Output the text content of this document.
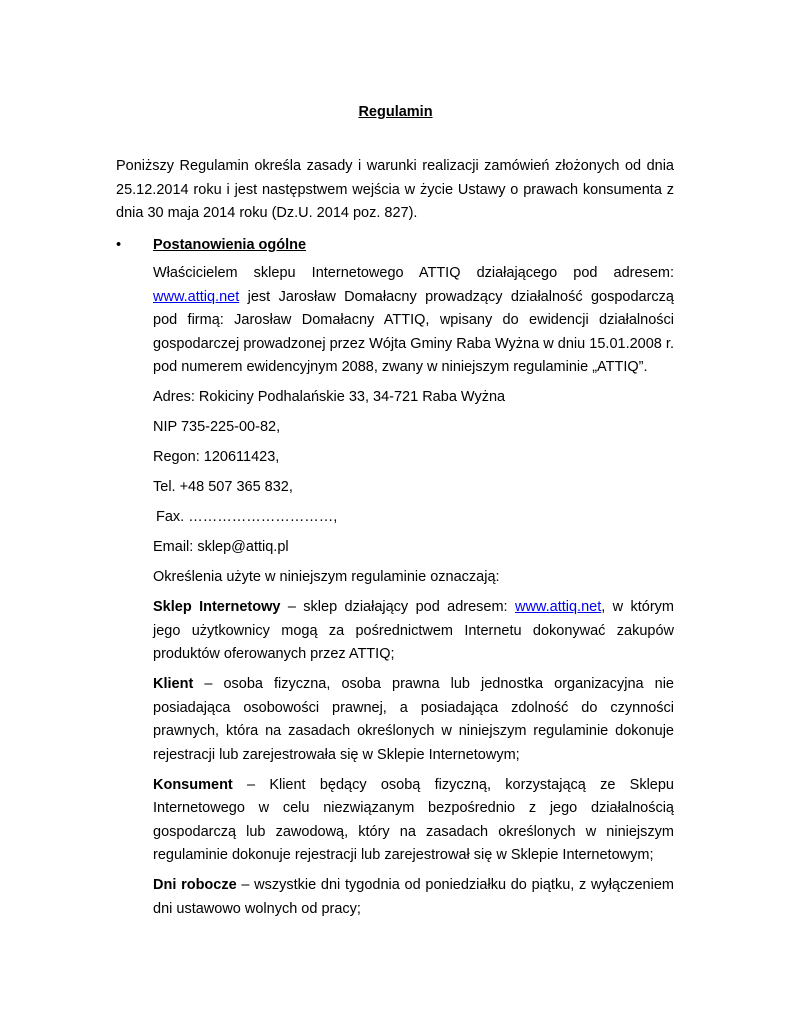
Regulamin
Poniższy Regulamin określa zasady i warunki realizacji zamówień złożonych od dnia 25.12.2014 roku i jest następstwem wejścia w życie Ustawy o prawach konsumenta z dnia 30 maja 2014 roku (Dz.U. 2014 poz. 827).
• Postanowienia ogólne
Właścicielem sklepu Internetowego ATTIQ działającego pod adresem: www.attiq.net jest Jarosław Domałacny prowadzący działalność gospodarczą pod firmą: Jarosław Domałacny ATTIQ, wpisany do ewidencji działalności gospodarczej prowadzonej przez Wójta Gminy Raba Wyżna w dniu 15.01.2008 r. pod numerem ewidencyjnym 2088, zwany w niniejszym regulaminie „ATTIQ”.
Adres: Rokiciny Podhalańskie 33, 34-721 Raba Wyżna
NIP 735-225-00-82,
Regon: 120611423,
Tel. +48 507 365 832,
Fax. …………………………,
Email: sklep@attiq.pl
Określenia użyte w niniejszym regulaminie oznaczają:
Sklep Internetowy – sklep działający pod adresem: www.attiq.net, w którym jego użytkownicy mogą za pośrednictwem Internetu dokonywać zakupów produktów oferowanych przez ATTIQ;
Klient – osoba fizyczna, osoba prawna lub jednostka organizacyjna nie posiadająca osobowości prawnej, a posiadająca zdolność do czynności prawnych, która na zasadach określonych w niniejszym regulaminie dokonuje rejestracji lub zarejestrowała się w Sklepie Internetowym;
Konsument – Klient będący osobą fizyczną, korzystającą ze Sklepu Internetowego w celu niezwiązanym bezpośrednio z jego działalnością gospodarczą lub zawodową, który na zasadach określonych w niniejszym regulaminie dokonuje rejestracji lub zarejestrował się w Sklepie Internetowym;
Dni robocze – wszystkie dni tygodnia od poniedziałku do piątku, z wyłączeniem dni ustawowo wolnych od pracy;
